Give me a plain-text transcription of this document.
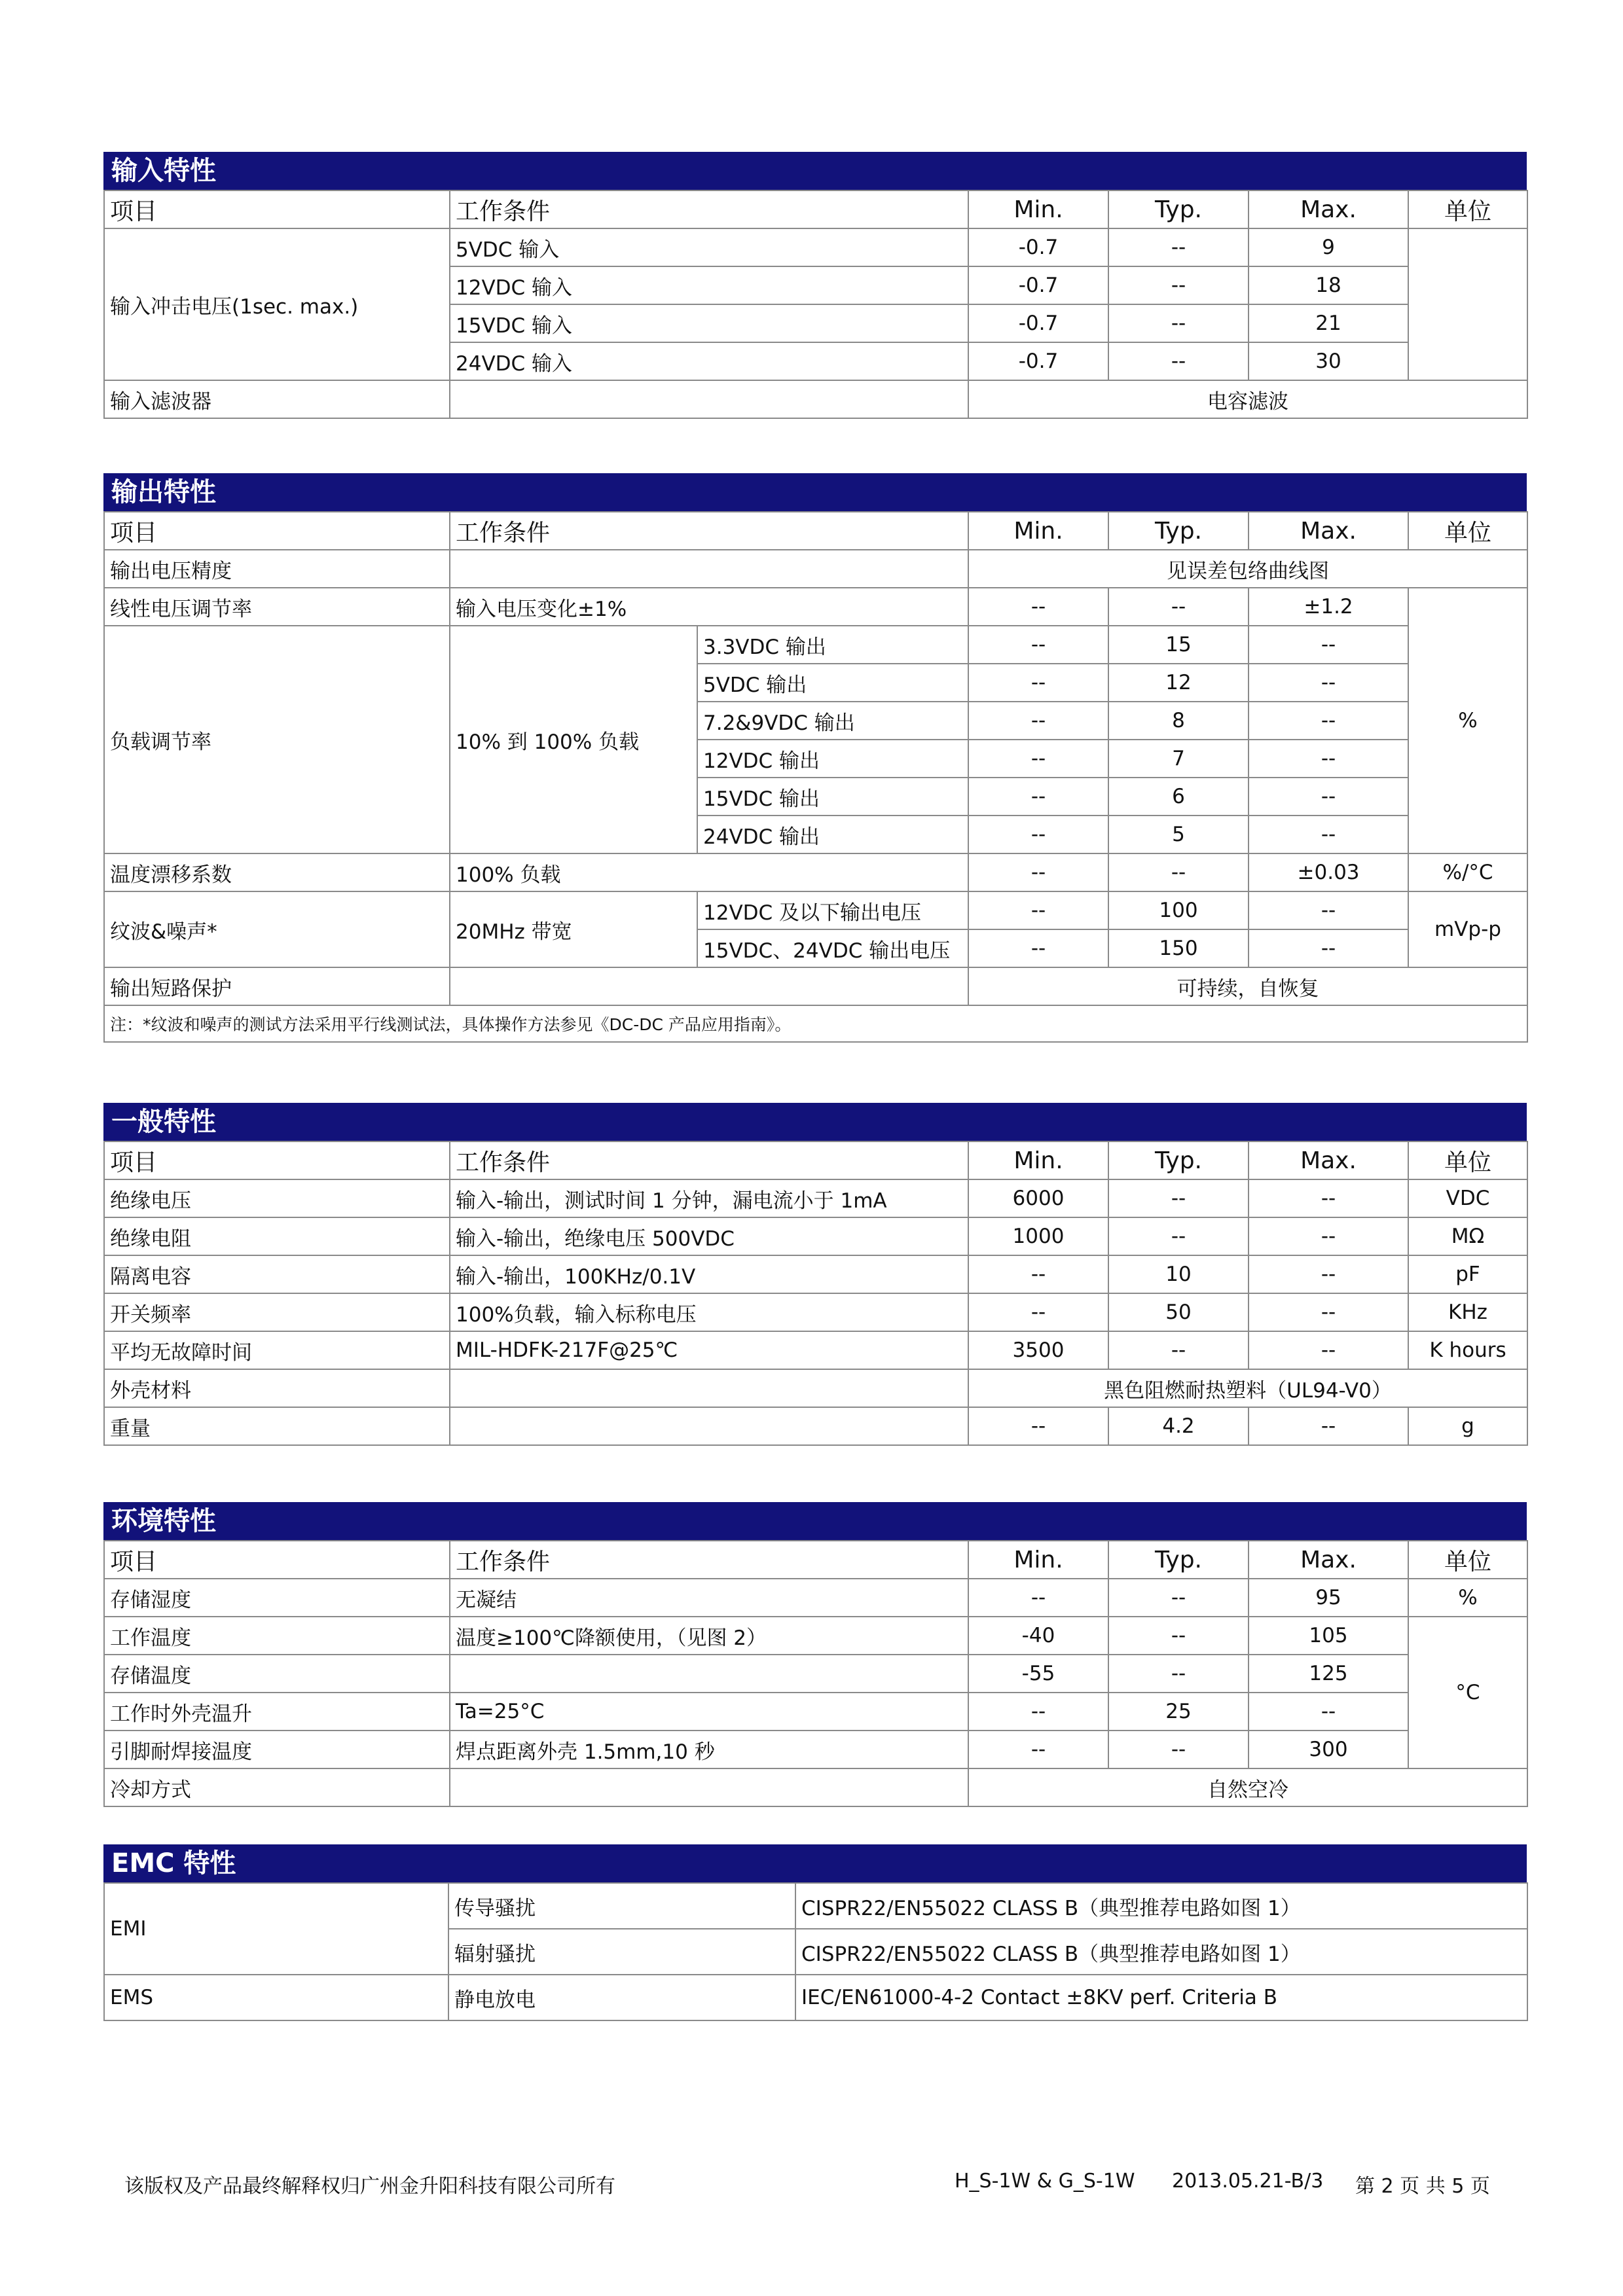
输入特性
项目	工作条件	Min.	Typ.	Max.	单位
输入冲击电压(1sec. max.)	5VDC 输入	-0.7	--	9	
	12VDC 输入	-0.7	--	18	
	15VDC 输入	-0.7	--	21	
	24VDC 输入	-0.7	--	30	
输入滤波器		电容滤波			
输出特性
项目	工作条件		Min.	Typ.	Max.	单位
输出电压精度			见误差包络曲线图			
线性电压调节率	输入电压变化±1%		--	--	±1.2	%
负载调节率	10% 到 100% 负载	3.3VDC 输出	--	15	--	
		5VDC 输出	--	12	--	
		7.2&9VDC 输出	--	8	--	
		12VDC 输出	--	7	--	
		15VDC 输出	--	6	--	
		24VDC 输出	--	5	--	
温度漂移系数	100% 负载		--	--	±0.03	%/°C
纹波&噪声*	20MHz 带宽	12VDC 及以下输出电压	--	100	--	mVp-p
		15VDC、24VDC 输出电压	--	150	--	
输出短路保护			可持续，自恢复			
注：*纹波和噪声的测试方法采用平行线测试法，具体操作方法参见《DC-DC 产品应用指南》。						
一般特性
项目	工作条件	Min.	Typ.	Max.	单位
绝缘电压	输入-输出，测试时间 1 分钟，漏电流小于 1mA	6000	--	--	VDC
绝缘电阻	输入-输出，绝缘电压 500VDC	1000	--	--	MΩ
隔离电容	输入-输出，100KHz/0.1V	--	10	--	pF
开关频率	100%负载，输入标称电压	--	50	--	KHz
平均无故障时间	MIL-HDFK-217F@25℃	3500	--	--	K hours
外壳材料		黑色阻燃耐热塑料（UL94-V0）			
重量		--	4.2	--	g
环境特性
项目	工作条件	Min.	Typ.	Max.	单位
存储湿度	无凝结	--	--	95	%
工作温度	温度≥100℃降额使用，（见图 2）	-40	--	105	°C
存储温度		-55	--	125	
工作时外壳温升	Ta=25°C	--	25	--	
引脚耐焊接温度	焊点距离外壳 1.5mm,10 秒	--	--	300	
冷却方式		自然空冷			
EMC 特性
EMI	传导骚扰	CISPR22/EN55022 CLASS B（典型推荐电路如图 1）
	辐射骚扰	CISPR22/EN55022 CLASS B（典型推荐电路如图 1）
EMS	静电放电	IEC/EN61000-4-2 Contact ±8KV perf. Criteria B
该版权及产品最终解释权归广州金升阳科技有限公司所有	H_S-1W & G_S-1W 2013.05.21-B/3 第 2 页 共 5 页
